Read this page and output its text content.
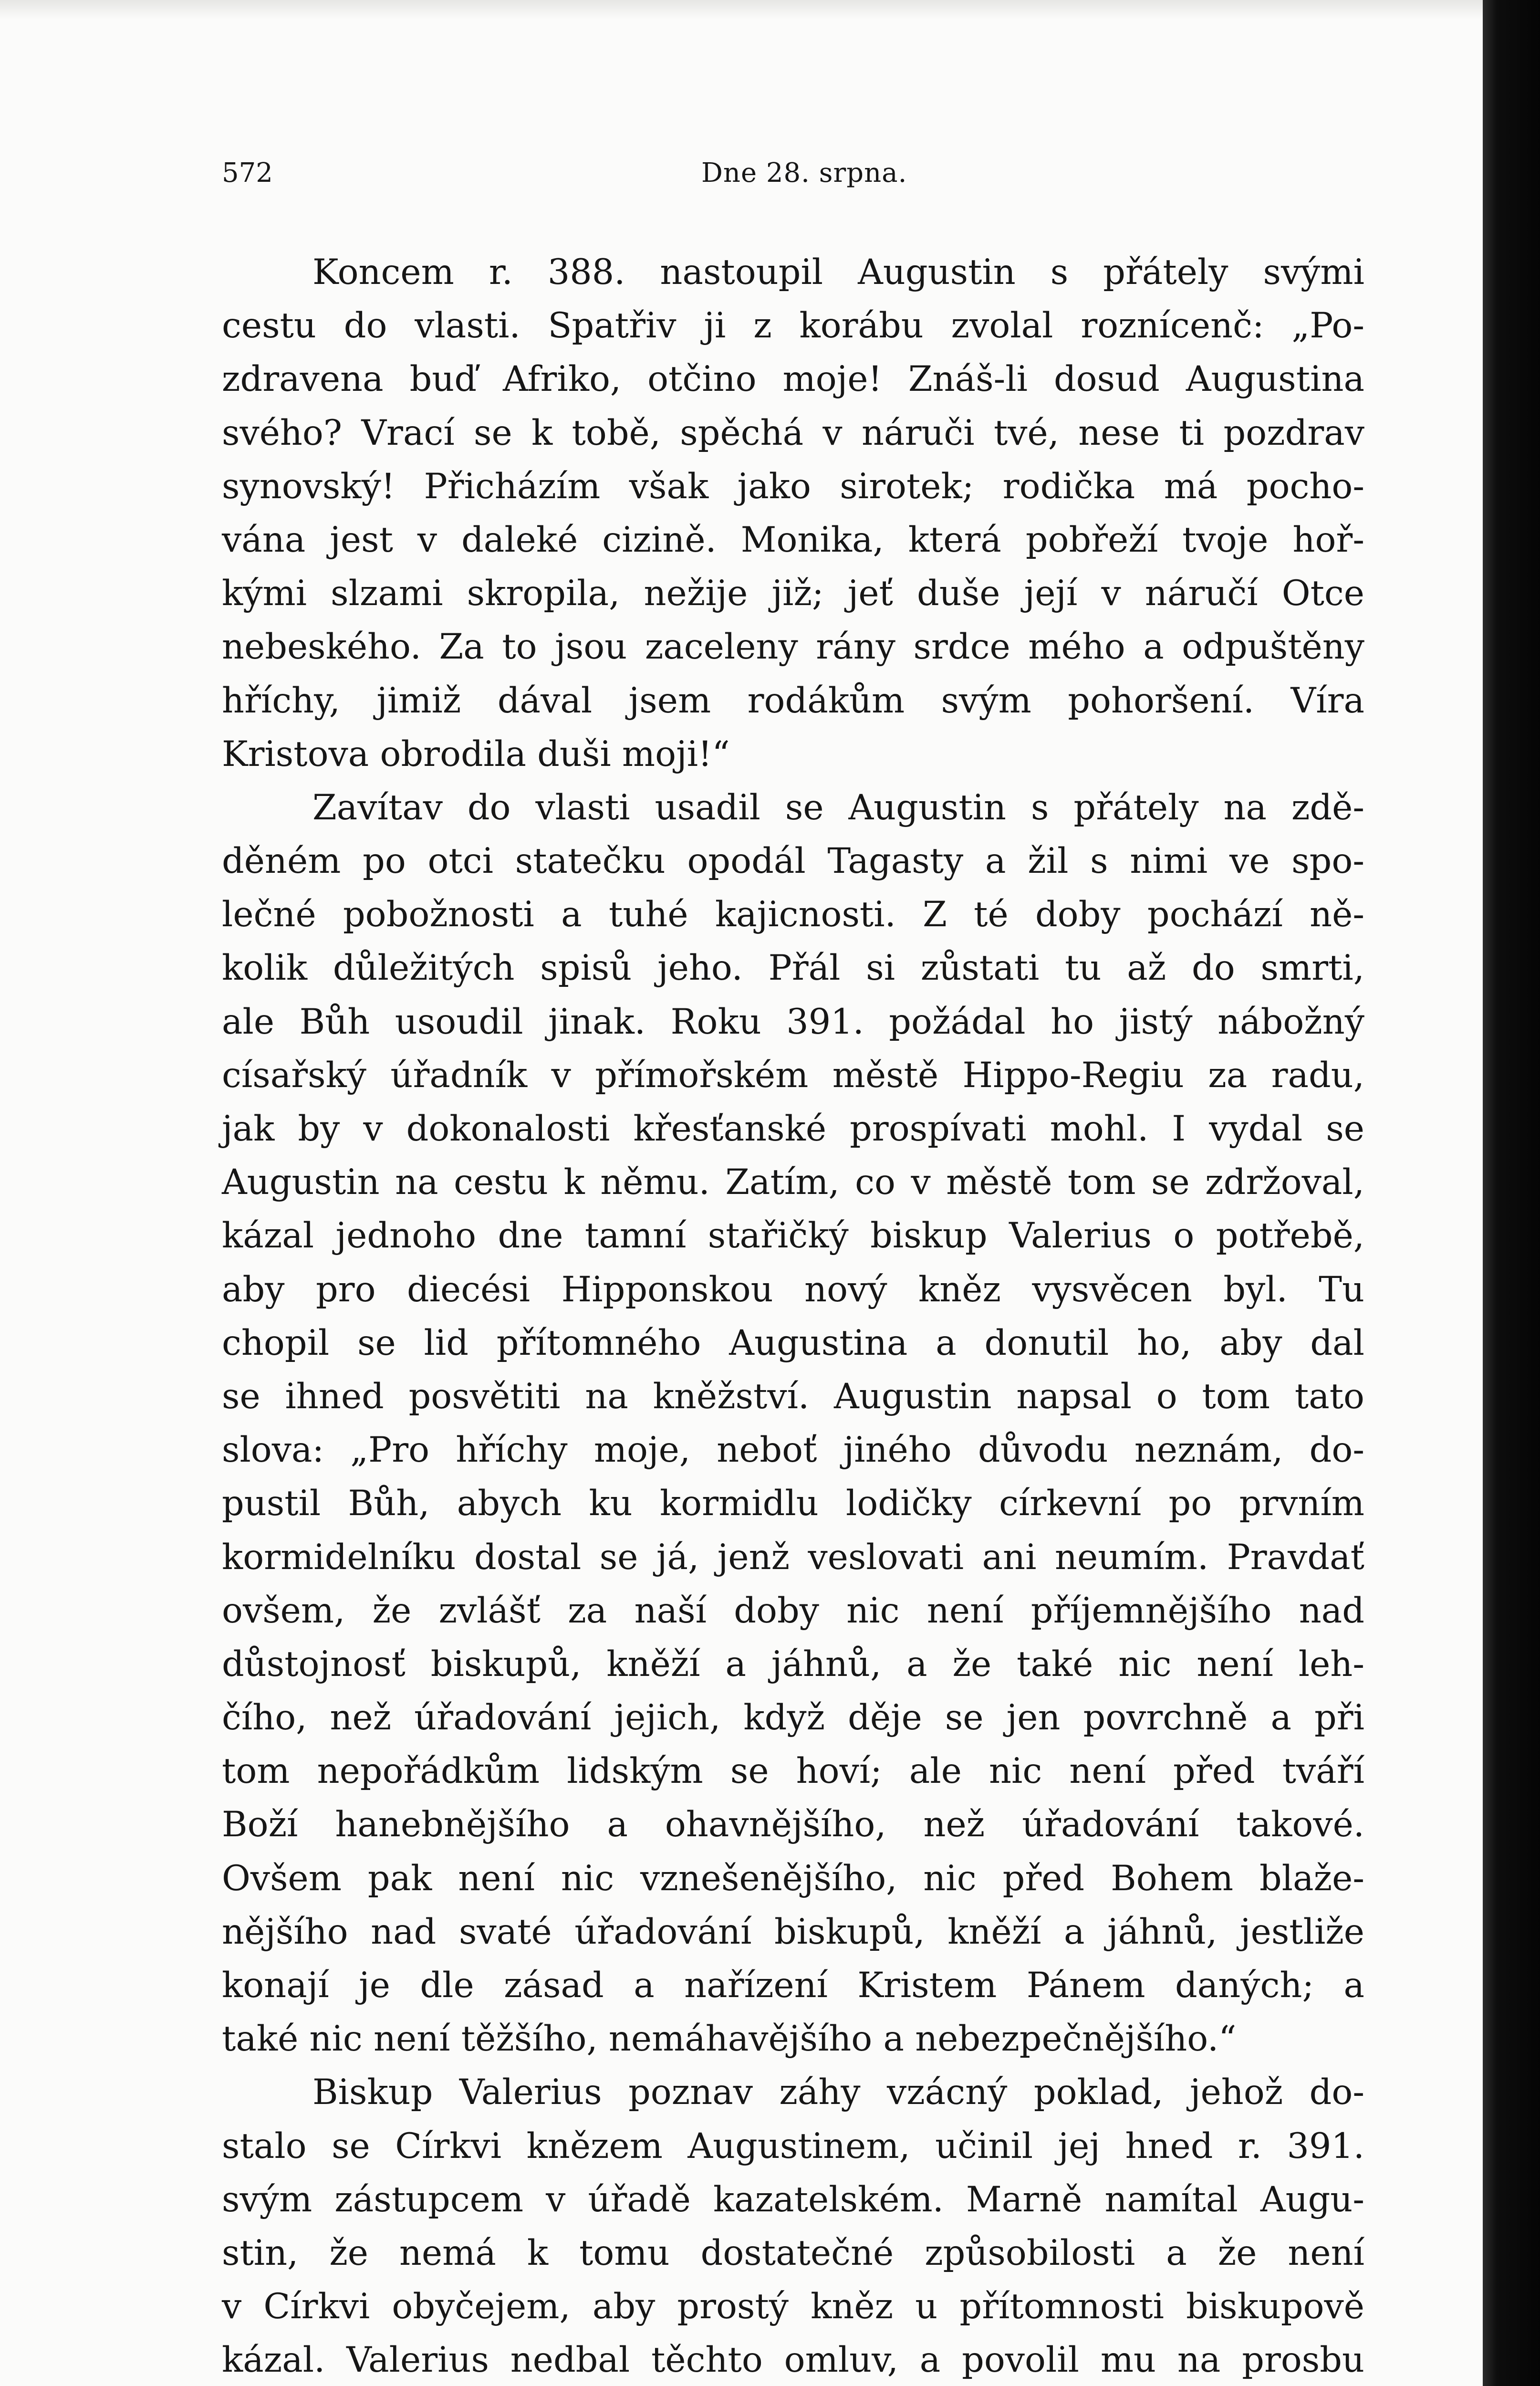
572	Dne 28. srpna.
Koncem r. 388. nastoupil Augustin s přátely svými
cestu do vlasti. Spatřiv ji z korábu zvolal roznícenč: „Po-
zdravena buď Afriko, otčino moje! Znáš-li dosud Augustina
svého? Vrací se k tobě, spěchá v náruči tvé, nese ti pozdrav
synovský! Přicházím však jako sirotek; rodička má pocho-
vána jest v daleké cizině. Monika, která pobřeží tvoje hoř-
kými slzami skropila, nežije již; jeť duše její v náručí Otce
nebeského. Za to jsou zaceleny rány srdce mého a odpuštěny
hříchy, jimiž dával jsem rodákům svým pohoršení. Víra
Kristova obrodila duši moji!“
Zavítav do vlasti usadil se Augustin s přátely na zdě-
děném po otci statečku opodál Tagasty a žil s nimi ve spo-
lečné pobožnosti a tuhé kajicnosti. Z té doby pochází ně-
kolik důležitých spisů jeho. Přál si zůstati tu až do smrti,
ale Bůh usoudil jinak. Roku 391. požádal ho jistý nábožný
císařský úřadník v přímořském městě Hippo-Regiu za radu,
jak by v dokonalosti křesťanské prospívati mohl. I vydal se
Augustin na cestu k němu. Zatím, co v městě tom se zdržoval,
kázal jednoho dne tamní stařičký biskup Valerius o potřebě,
aby pro diecési Hipponskou nový kněz vysvěcen byl. Tu
chopil se lid přítomného Augustina a donutil ho, aby dal
se ihned posvětiti na kněžství. Augustin napsal o tom tato
slova: „Pro hříchy moje, neboť jiného důvodu neznám, do-
pustil Bůh, abych ku kormidlu lodičky církevní po prvním
kormidelníku dostal se já, jenž veslovati ani neumím. Pravdať
ovšem, že zvlášť za naší doby nic není příjemnějšího nad
důstojnosť biskupů, kněží a jáhnů, a že také nic není leh-
čího, než úřadování jejich, když děje se jen povrchně a při
tom nepořádkům lidským se hoví; ale nic není před tváří
Boží hanebnějšího a ohavnějšího, než úřadování takové.
Ovšem pak není nic vznešenějšího, nic před Bohem blaže-
nějšího nad svaté úřadování biskupů, kněží a jáhnů, jestliže
konají je dle zásad a nařízení Kristem Pánem daných; a
také nic není těžšího, nemáhavějšího a nebezpečnějšího.“
Biskup Valerius poznav záhy vzácný poklad, jehož do-
stalo se Církvi knězem Augustinem, učinil jej hned r. 391.
svým zástupcem v úřadě kazatelském. Marně namítal Augu-
stin, že nemá k tomu dostatečné způsobilosti a že není
v Církvi obyčejem, aby prostý kněz u přítomnosti biskupově
kázal. Valerius nedbal těchto omluv, a povolil mu na prosbu
